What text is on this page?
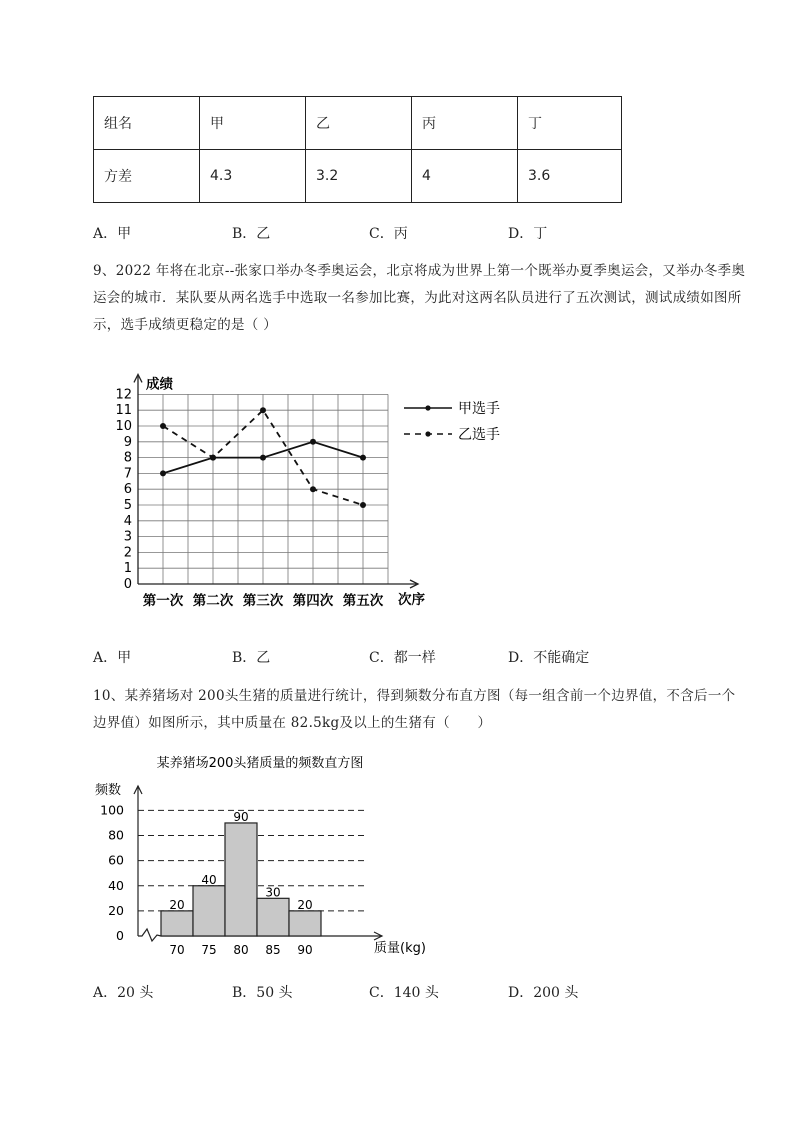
组名	甲	乙	丙	丁
方差	4.3	3.2	4	3.6
A．甲	B．乙	C．丙	D．丁
9、2022 年将在北京--张家口举办冬季奥运会，北京将成为世界上第一个既举办夏季奥运会，又举办冬季奥运会的城市．某队要从两名选手中选取一名参加比赛，为此对这两名队员进行了五次测试，测试成绩如图所示，选手成绩更稳定的是（ ）
0
1
2
3
4
5
6
7
8
9
10
11
12
第一次 第二次 第三次 第四次 第五次 次序
成绩
甲选手
乙选手
A．甲	B．乙	C．都一样	D．不能确定
10、某养猪场对 200头生猪的质量进行统计，得到频数分布直方图（每一组含前一个边界值，不含后一个边界值）如图所示，其中质量在 82.5kg及以上的生猪有（　　）
某养猪场200头猪质量的频数直方图
频数
0
20
40
60
80
100
20
40
90
30
20
70 75 80 85 90	质量(kg)
A．20 头	B．50 头	C．140 头	D．200 头
